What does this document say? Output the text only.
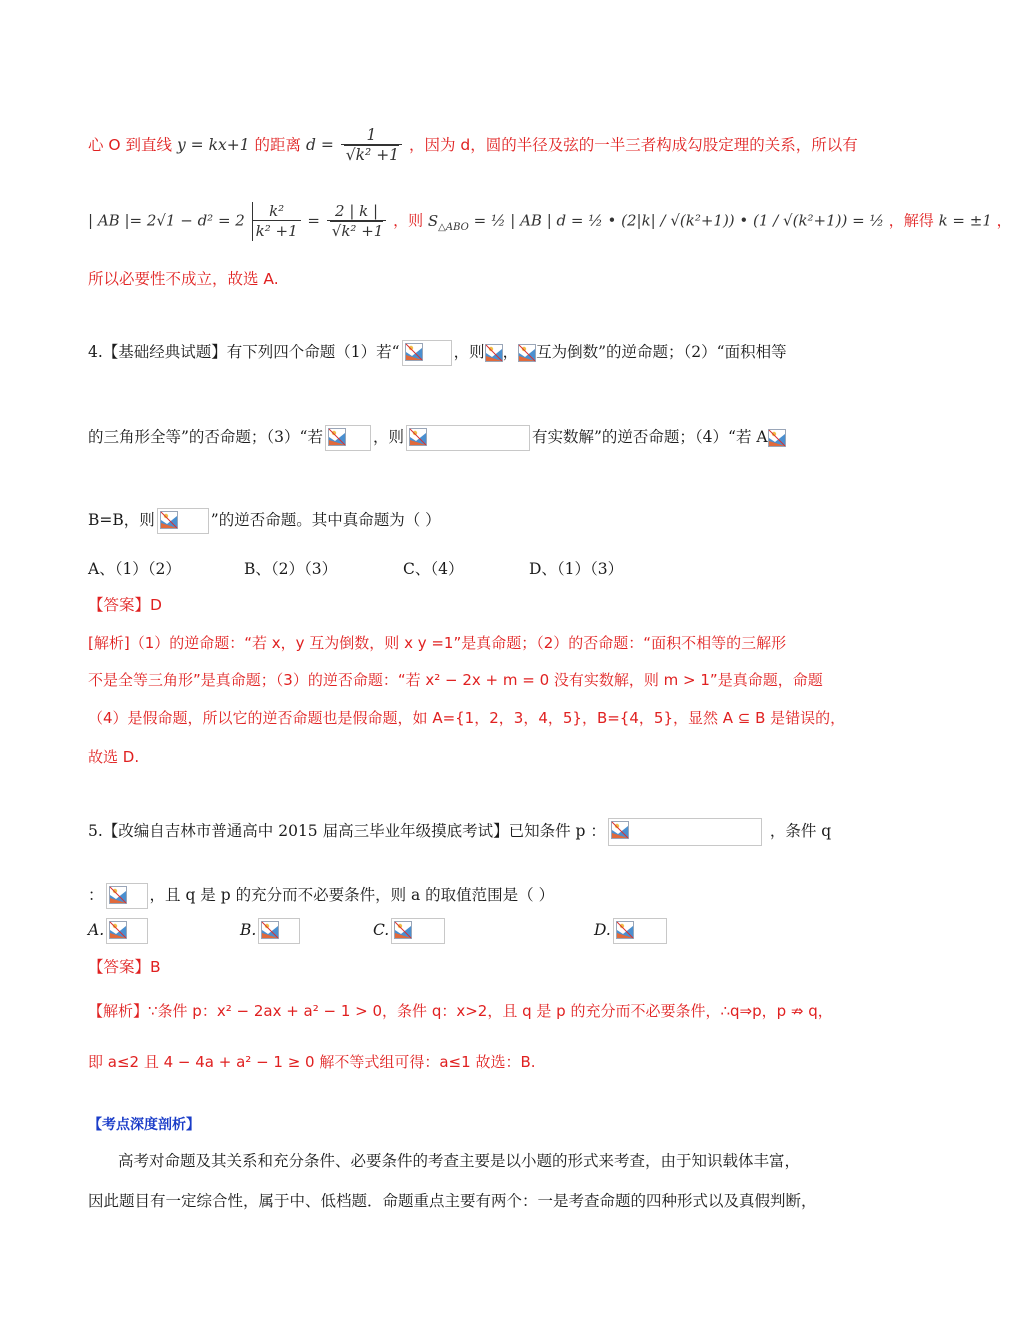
心 O 到直线 y = kx+1 的距离 d = 1
√ k² +1 ，因为 d，圆的半径及弦的一半三者构成勾股定理的关系，所以有
| AB |= $2√1 - d^2 = 2 \frac{\text{k²}}{\text{k² +1}} = 2$ | k |
√ k² +1 ，则 $S_{\triangle ABO}$ = ½ | AB | d = ½ • (2|k| / √(k²+1)) • (1 / √(k²+1)) = ½ ，解得 k = ±1 ，
所以必要性不成立，故选 A.
4.【基础经典试题】有下列四个命题（1）若“	，则 ， 互为倒数”的逆命题；（2）“面积相等
的三角形全等”的否命题；（3）“若	，则	有实数解”的逆否命题；（4）“若 A
B=B，则	”的逆否命题。其中真命题为（ ）
A、（1）（2）	B、（2）（3）	C、（4）	D、（1）（3）
【答案】D
[解析]（1）的逆命题：“若 x，y 互为倒数，则 x y =1”是真命题；（2）的否命题：“面积不相等的三解形
不是全等三角形”是真命题；（3）的逆否命题：“若 x² − 2x + m = 0 没有实数解，则 m > 1”是真命题，命题
（4）是假命题，所以它的逆否命题也是假命题，如 A={1，2，3，4，5}，B={4，5}，显然 A ⊆ B 是错误的，
故选 D.
5.【改编自吉林市普通高中 2015 届高三毕业年级摸底考试】已知条件 p ：	，条件 q
：	，且 q 是 p 的充分而不必要条件，则 a 的取值范围是（ ）
A.	B.	C.	D.
【答案】B
【解析】∵条件 p：x² − 2ax + a² − 1 > 0，条件 q：x>2，且 q 是 p 的充分而不必要条件，∴q⇒p，p ⇏ q，
即 a≤2 且 4 − 4a + a² − 1 ≥ 0 解不等式组可得：a≤1 故选：B.
【考点深度剖析】
高考对命题及其关系和充分条件、必要条件的考查主要是以小题的形式来考查，由于知识载体丰富，
因此题目有一定综合性，属于中、低档题．命题重点主要有两个：一是考查命题的四种形式以及真假判断，
